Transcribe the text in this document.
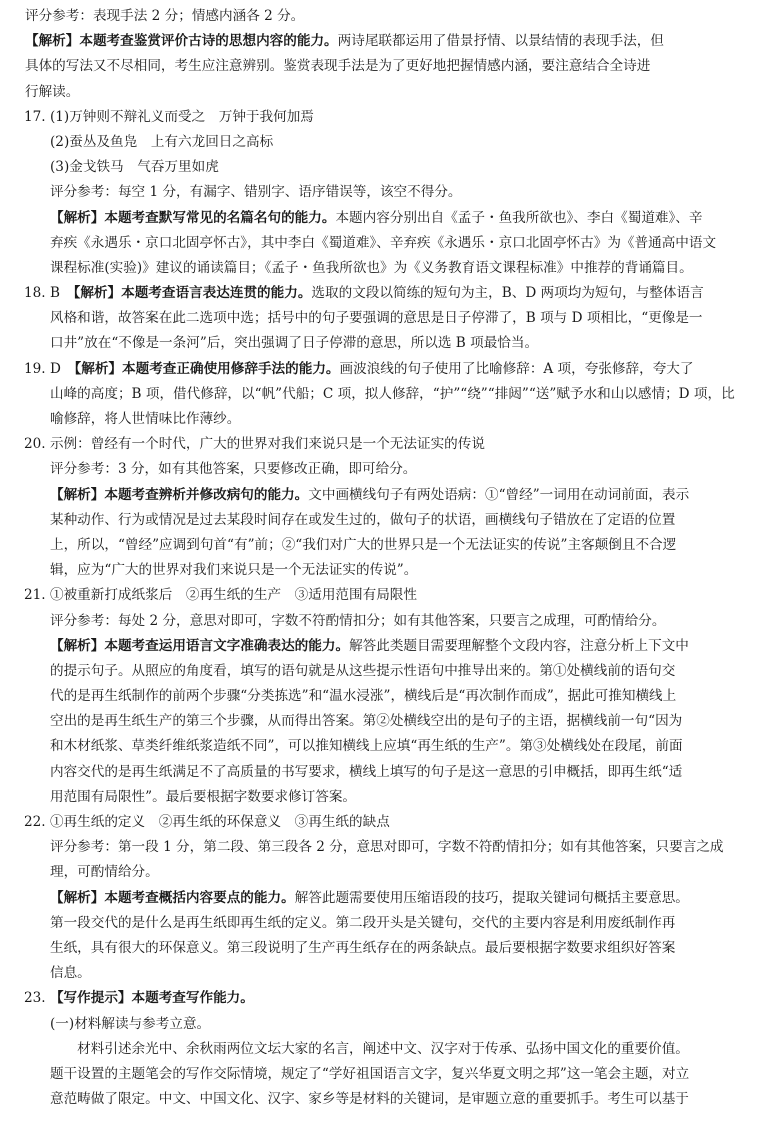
评分参考：表现手法 2 分；情感内涵各 2 分。
【解析】本题考查鉴赏评价古诗的思想内容的能力。两诗尾联都运用了借景抒情、以景结情的表现手法，但
具体的写法又不尽相同，考生应注意辨别。鉴赏表现手法是为了更好地把握情感内涵，要注意结合全诗进
行解读。
17. (1)万钟则不辩礼义而受之　万钟于我何加焉
(2)蚕丛及鱼凫　上有六龙回日之高标
(3)金戈铁马　气吞万里如虎
评分参考：每空 1 分，有漏字、错别字、语序错误等，该空不得分。
【解析】本题考查默写常见的名篇名句的能力。本题内容分别出自《孟子・鱼我所欲也》、李白《蜀道难》、辛
弃疾《永遇乐・京口北固亭怀古》，其中李白《蜀道难》、辛弃疾《永遇乐・京口北固亭怀古》为《普通高中语文
课程标准(实验)》建议的诵读篇目；《孟子・鱼我所欲也》为《义务教育语文课程标准》中推荐的背诵篇目。
18. B　【解析】本题考查语言表达连贯的能力。选取的文段以简练的短句为主，B、D 两项均为短句，与整体语言
风格和谐，故答案在此二选项中选；括号中的句子要强调的意思是日子停滞了，B 项与 D 项相比，“更像是一
口井”放在“不像是一条河”后，突出强调了日子停滞的意思，所以选 B 项最恰当。
19. D　【解析】本题考查正确使用修辞手法的能力。画波浪线的句子使用了比喻修辞：A 项，夸张修辞，夸大了
山峰的高度；B 项，借代修辞，以“帆”代船；C 项，拟人修辞，“护”“绕”“排闼”“送”赋予水和山以感情；D 项，比
喻修辞，将人世情味比作薄纱。
20. 示例：曾经有一个时代，广大的世界对我们来说只是一个无法证实的传说
评分参考：3 分，如有其他答案，只要修改正确，即可给分。
【解析】本题考查辨析并修改病句的能力。文中画横线句子有两处语病：①“曾经”一词用在动词前面，表示
某种动作、行为或情况是过去某段时间存在或发生过的，做句子的状语，画横线句子错放在了定语的位置
上，所以，“曾经”应调到句首“有”前；②“我们对广大的世界只是一个无法证实的传说”主客颠倒且不合逻
辑，应为“广大的世界对我们来说只是一个无法证实的传说”。
21. ①被重新打成纸浆后　②再生纸的生产　③适用范围有局限性
评分参考：每处 2 分，意思对即可，字数不符酌情扣分；如有其他答案，只要言之成理，可酌情给分。
【解析】本题考查运用语言文字准确表达的能力。解答此类题目需要理解整个文段内容，注意分析上下文中
的提示句子。从照应的角度看，填写的语句就是从这些提示性语句中推导出来的。第①处横线前的语句交
代的是再生纸制作的前两个步骤“分类拣选”和“温水浸涨”，横线后是“再次制作而成”，据此可推知横线上
空出的是再生纸生产的第三个步骤，从而得出答案。第②处横线空出的是句子的主语，据横线前一句“因为
和木材纸浆、草类纤维纸浆造纸不同”，可以推知横线上应填“再生纸的生产”。第③处横线处在段尾，前面
内容交代的是再生纸满足不了高质量的书写要求，横线上填写的句子是这一意思的引申概括，即再生纸“适
用范围有局限性”。最后要根据字数要求修订答案。
22. ①再生纸的定义　②再生纸的环保意义　③再生纸的缺点
评分参考：第一段 1 分，第二段、第三段各 2 分，意思对即可，字数不符酌情扣分；如有其他答案，只要言之成
理，可酌情给分。
【解析】本题考查概括内容要点的能力。解答此题需要使用压缩语段的技巧，提取关键词句概括主要意思。
第一段交代的是什么是再生纸即再生纸的定义。第二段开头是关键句，交代的主要内容是利用废纸制作再
生纸，具有很大的环保意义。第三段说明了生产再生纸存在的两条缺点。最后要根据字数要求组织好答案
信息。
23. 【写作提示】本题考查写作能力。
(一)材料解读与参考立意。
　　材料引述余光中、余秋雨两位文坛大家的名言，阐述中文、汉字对于传承、弘扬中国文化的重要价值。
题干设置的主题笔会的写作交际情境，规定了“学好祖国语言文字，复兴华夏文明之邦”这一笔会主题，对立
意范畴做了限定。中文、中国文化、汉字、家乡等是材料的关键词，是审题立意的重要抓手。考生可以基于
